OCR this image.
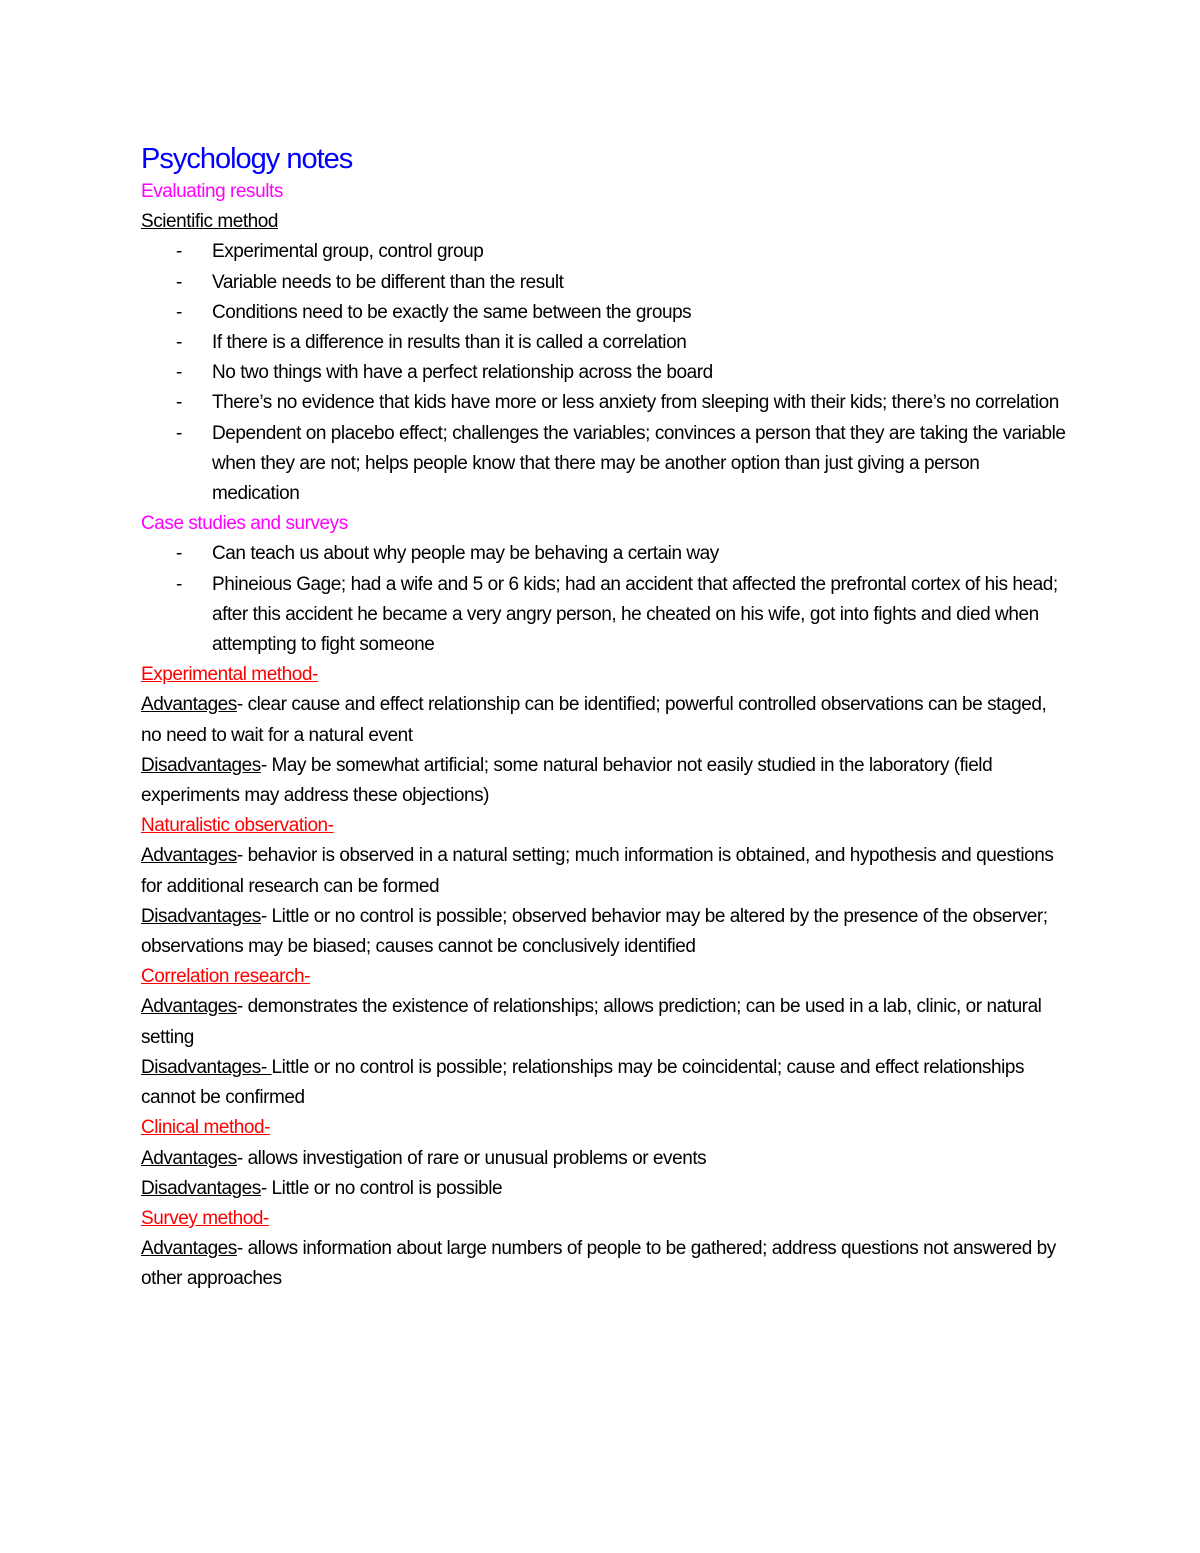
Psychology notes

Evaluating results

Scientific method

- Experimental group, control group
- Variable needs to be different than the result
- Conditions need to be exactly the same between the groups
- If there is a difference in results than it is called a correlation
- No two things with have a perfect relationship across the board
- There’s no evidence that kids have more or less anxiety from sleeping with their kids; there’s no correlation
- Dependent on placebo effect; challenges the variables; convinces a person that they are taking the variable when they are not; helps people know that there may be another option than just giving a person medication

Case studies and surveys

- Can teach us about why people may be behaving a certain way
- Phineious Gage; had a wife and 5 or 6 kids; had an accident that affected the prefrontal cortex of his head; after this accident he became a very angry person, he cheated on his wife, got into fights and died when attempting to fight someone

Experimental method-

Advantages- clear cause and effect relationship can be identified; powerful controlled observations can be staged, no need to wait for a natural event

Disadvantages- May be somewhat artificial; some natural behavior not easily studied in the laboratory (field experiments may address these objections)

Naturalistic observation-

Advantages- behavior is observed in a natural setting; much information is obtained, and hypothesis and questions for additional research can be formed

Disadvantages- Little or no control is possible; observed behavior may be altered by the presence of the observer; observations may be biased; causes cannot be conclusively identified

Correlation research-

Advantages- demonstrates the existence of relationships; allows prediction; can be used in a lab, clinic, or natural setting

Disadvantages- Little or no control is possible; relationships may be coincidental; cause and effect relationships cannot be confirmed

Clinical method-

Advantages- allows investigation of rare or unusual problems or events

Disadvantages- Little or no control is possible

Survey method-

Advantages- allows information about large numbers of people to be gathered; address questions not answered by other approaches
